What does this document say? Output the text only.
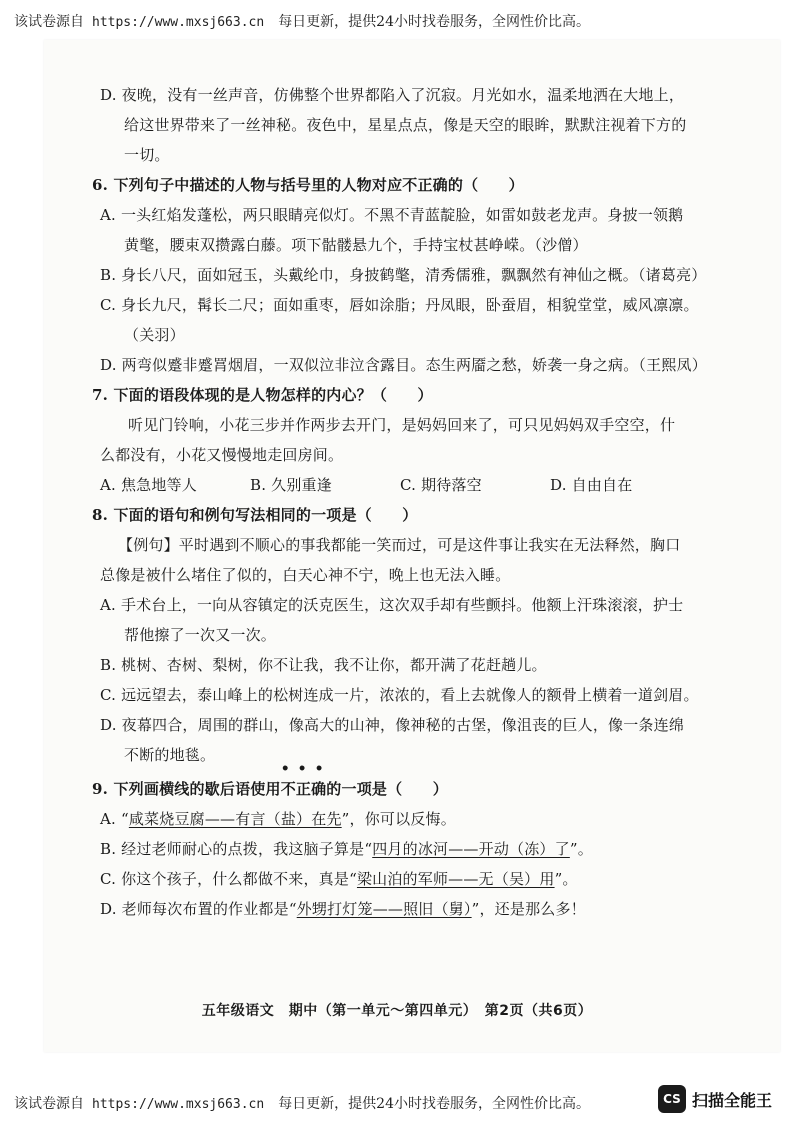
该试卷源自 https://www.mxsj663.cn 每日更新，提供24小时找卷服务，全网性价比高。
D. 夜晚，没有一丝声音，仿佛整个世界都陷入了沉寂。月光如水，温柔地洒在大地上，
给这世界带来了一丝神秘。夜色中，星星点点，像是天空的眼眸，默默注视着下方的
一切。
6. 下列句子中描述的人物与括号里的人物对应不正确的（　　）
A. 一头红焰发蓬松，两只眼睛亮似灯。不黑不青蓝靛脸，如雷如鼓老龙声。身披一领鹅
黄氅，腰束双攒露白藤。项下骷髅悬九个，手持宝杖甚峥嵘。（沙僧）
B. 身长八尺，面如冠玉，头戴纶巾，身披鹤氅，清秀儒雅，飘飘然有神仙之概。（诸葛亮）
C. 身长九尺，髯长二尺；面如重枣，唇如涂脂；丹凤眼，卧蚕眉，相貌堂堂，威风凛凛。
（关羽）
D. 两弯似蹙非蹙罥烟眉，一双似泣非泣含露目。态生两靥之愁，娇袭一身之病。（王熙凤）
7. 下面的语段体现的是人物怎样的内心？（　　）
听见门铃响，小花三步并作两步去开门，是妈妈回来了，可只见妈妈双手空空，什
么都没有，小花又慢慢地走回房间。
A. 焦急地等人	B. 久别重逢	C. 期待落空	D. 自由自在
8. 下面的语句和例句写法相同的一项是（　　）
【例句】平时遇到不顺心的事我都能一笑而过，可是这件事让我实在无法释然，胸口
总像是被什么堵住了似的，白天心神不宁，晚上也无法入睡。
A. 手术台上，一向从容镇定的沃克医生，这次双手却有些颤抖。他额上汗珠滚滚，护士
帮他擦了一次又一次。
B. 桃树、杏树、梨树，你不让我，我不让你，都开满了花赶趟儿。
C. 远远望去，泰山峰上的松树连成一片，浓浓的，看上去就像人的额骨上横着一道剑眉。
D. 夜幕四合，周围的群山，像高大的山神，像神秘的古堡，像沮丧的巨人，像一条连绵
不断的地毯。
9. 下列画横线的歇后语使用
•••
不正确的一项是（　　）
A. “咸菜烧豆腐——有言（盐）在先”，你可以反悔。
B. 经过老师耐心的点拨，我这脑子算是“四月的冰河——开动（冻）了”。
C. 你这个孩子，什么都做不来，真是“梁山泊的军师——无（吴）用”。
D. 老师每次布置的作业都是“外甥打灯笼——照旧（舅）”，还是那么多！
五年级语文　期中（第一单元～第四单元）　第2页（共6页）
该试卷源自 https://www.mxsj663.cn 每日更新，提供24小时找卷服务，全网性价比高。	CS 扫描全能王
